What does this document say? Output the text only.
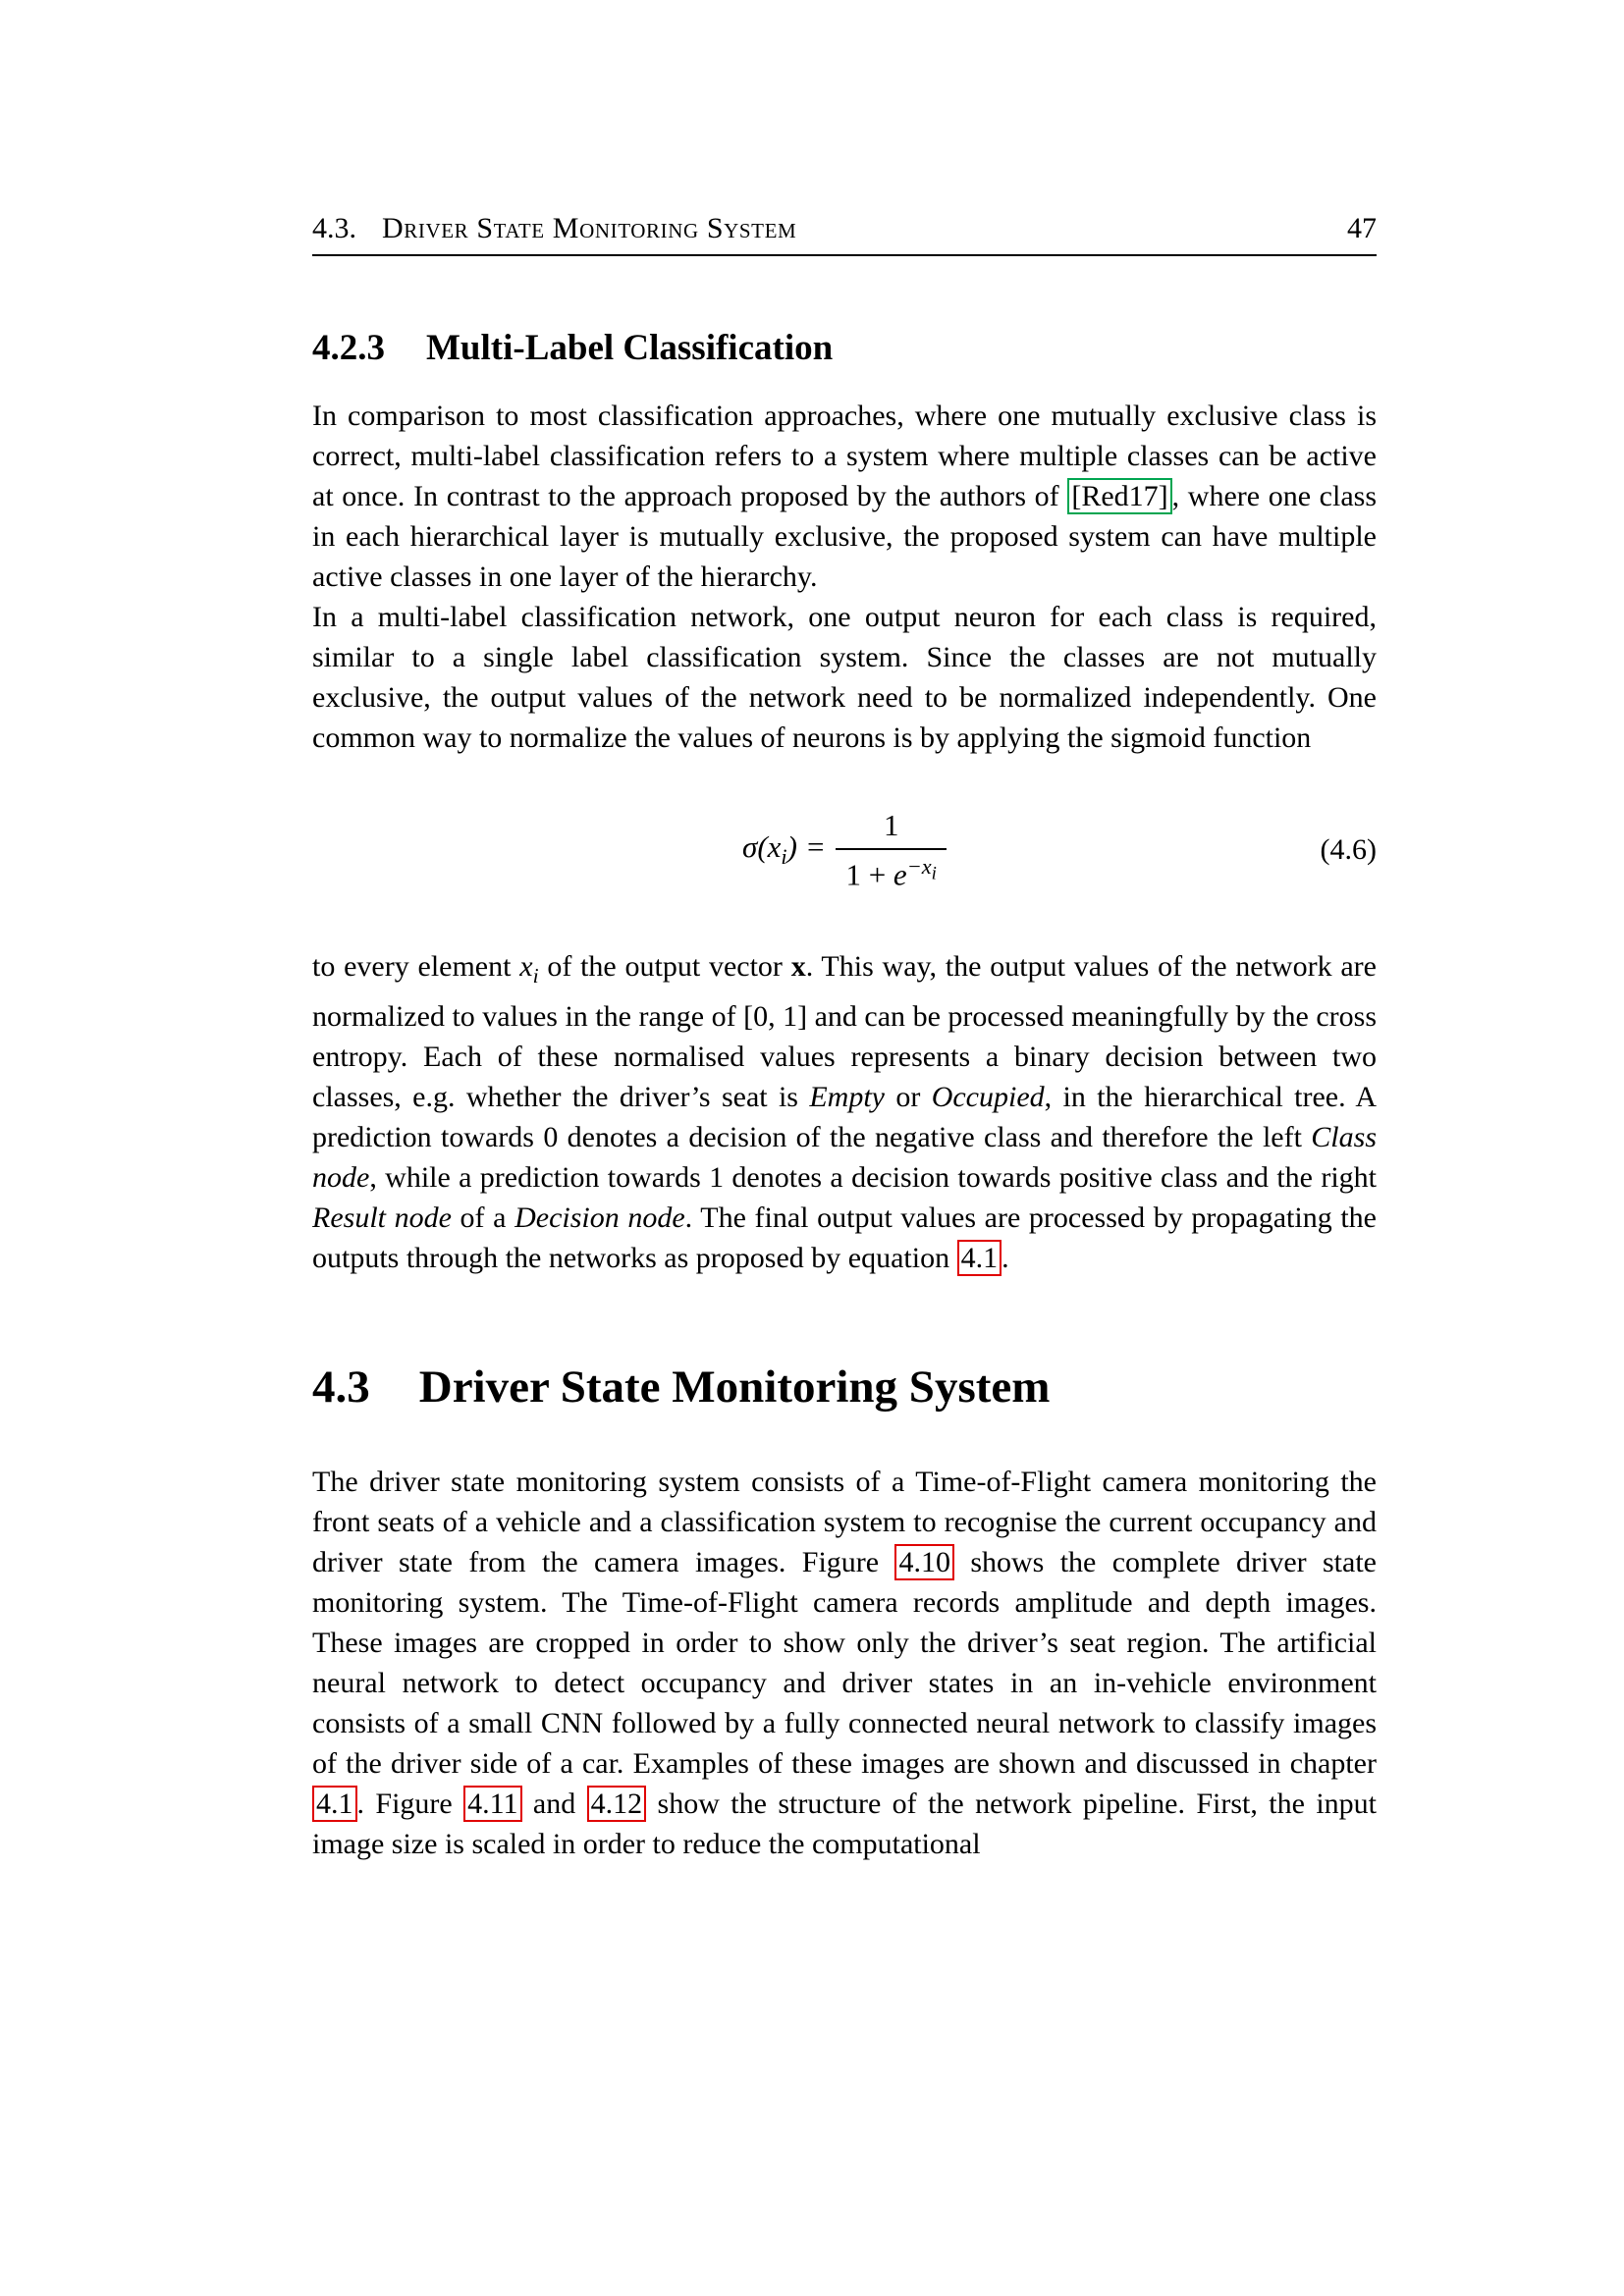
4.3. Driver State Monitoring System	47
4.2.3 Multi-Label Classification

In comparison to most classification approaches, where one mutually exclusive class is correct, multi-label classification refers to a system where multiple classes can be active at once. In contrast to the approach proposed by the authors of [Red17] , where one class in each hierarchical layer is mutually exclusive, the proposed system can have multiple active classes in one layer of the hierarchy.

In a multi-label classification network, one output neuron for each class is required, similar to a single label classification system. Since the classes are not mutually exclusive, the output values of the network need to be normalized independently. One common way to normalize the values of neurons is by applying the sigmoid function

$\sigma(x_i) = \frac{1}{1 + e^{-x_i}}$	(4.6)

to every element $x_i$ of the output vector x. This way, the output values of the network are normalized to values in the range of [0, 1] and can be processed meaningfully by the cross entropy. Each of these normalised values represents a binary decision between two classes, e.g. whether the driver’s seat is Empty or Occupied, in the hierarchical tree. A prediction towards 0 denotes a decision of the negative class and therefore the left Class node, while a prediction towards 1 denotes a decision towards positive class and the right Result node of a Decision node. The final output values are processed by propagating the outputs through the networks as proposed by equation 4.1 .

4.3 Driver State Monitoring System

The driver state monitoring system consists of a Time-of-Flight camera monitoring the front seats of a vehicle and a classification system to recognise the current occupancy and driver state from the camera images. Figure 4.10 shows the complete driver state monitoring system. The Time-of-Flight camera records amplitude and depth images. These images are cropped in order to show only the driver’s seat region. The artificial neural network to detect occupancy and driver states in an in-vehicle environment consists of a small CNN followed by a fully connected neural network to classify images of the driver side of a car. Examples of these images are shown and discussed in chapter 4.1 . Figure 4.11 and 4.12 show the structure of the network pipeline. First, the input image size is scaled in order to reduce the computational
